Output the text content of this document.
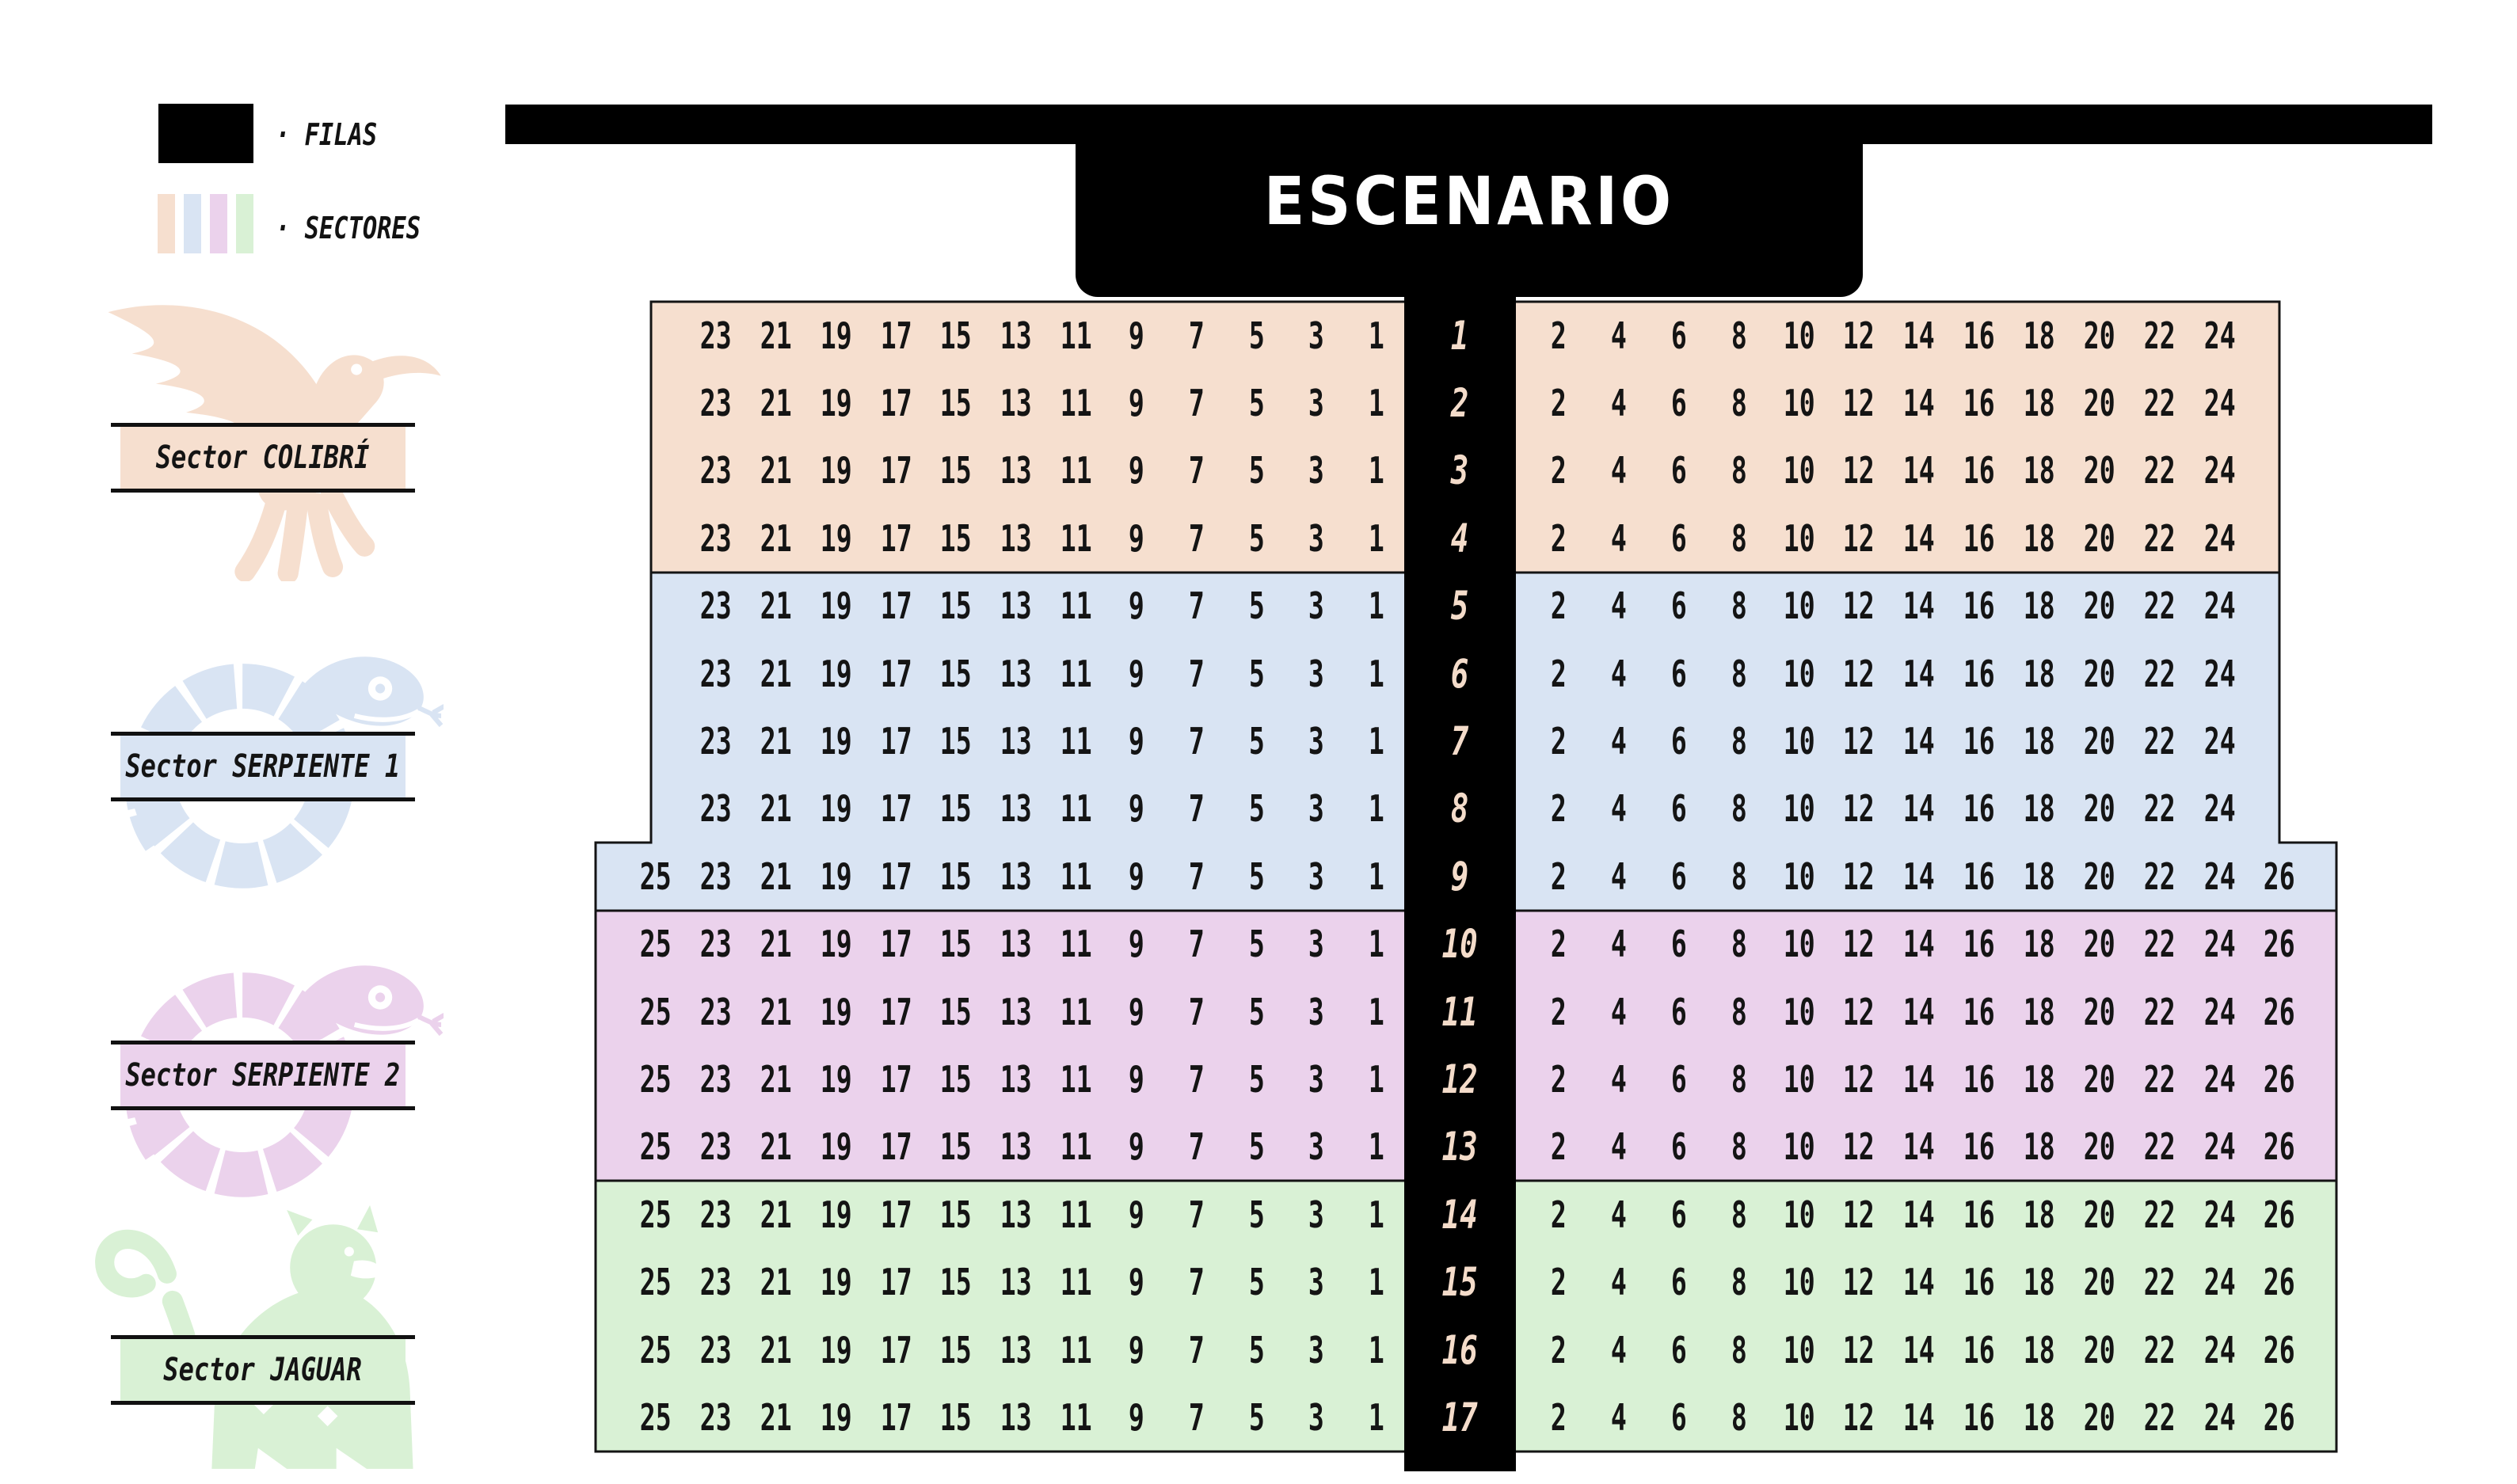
· FILAS
· SECTORES	ESCENARIO
Sector COLIBRÍ
Sector SERPIENTE 1
Sector SERPIENTE 2
Sector JAGUAR
23 21 19 17 15 13 11 9 7 5 3 1 1 2 4 6 8 10 12 14 16 18 20 22 24
23 21 19 17 15 13 11 9 7 5 3 1 2 2 4 6 8 10 12 14 16 18 20 22 24
23 21 19 17 15 13 11 9 7 5 3 1 3 2 4 6 8 10 12 14 16 18 20 22 24
23 21 19 17 15 13 11 9 7 5 3 1 4 2 4 6 8 10 12 14 16 18 20 22 24
23 21 19 17 15 13 11 9 7 5 3 1 5 2 4 6 8 10 12 14 16 18 20 22 24
23 21 19 17 15 13 11 9 7 5 3 1 6 2 4 6 8 10 12 14 16 18 20 22 24
23 21 19 17 15 13 11 9 7 5 3 1 7 2 4 6 8 10 12 14 16 18 20 22 24
23 21 19 17 15 13 11 9 7 5 3 1 8 2 4 6 8 10 12 14 16 18 20 22 24
25 23 21 19 17 15 13 11 9 7 5 3 1 9 2 4 6 8 10 12 14 16 18 20 22 24 26
25 23 21 19 17 15 13 11 9 7 5 3 1 10 2 4 6 8 10 12 14 16 18 20 22 24 26
25 23 21 19 17 15 13 11 9 7 5 3 1 11 2 4 6 8 10 12 14 16 18 20 22 24 26
25 23 21 19 17 15 13 11 9 7 5 3 1 12 2 4 6 8 10 12 14 16 18 20 22 24 26
25 23 21 19 17 15 13 11 9 7 5 3 1 13 2 4 6 8 10 12 14 16 18 20 22 24 26
25 23 21 19 17 15 13 11 9 7 5 3 1 14 2 4 6 8 10 12 14 16 18 20 22 24 26
25 23 21 19 17 15 13 11 9 7 5 3 1 15 2 4 6 8 10 12 14 16 18 20 22 24 26
25 23 21 19 17 15 13 11 9 7 5 3 1 16 2 4 6 8 10 12 14 16 18 20 22 24 26
25 23 21 19 17 15 13 11 9 7 5 3 1 17 2 4 6 8 10 12 14 16 18 20 22 24 26
